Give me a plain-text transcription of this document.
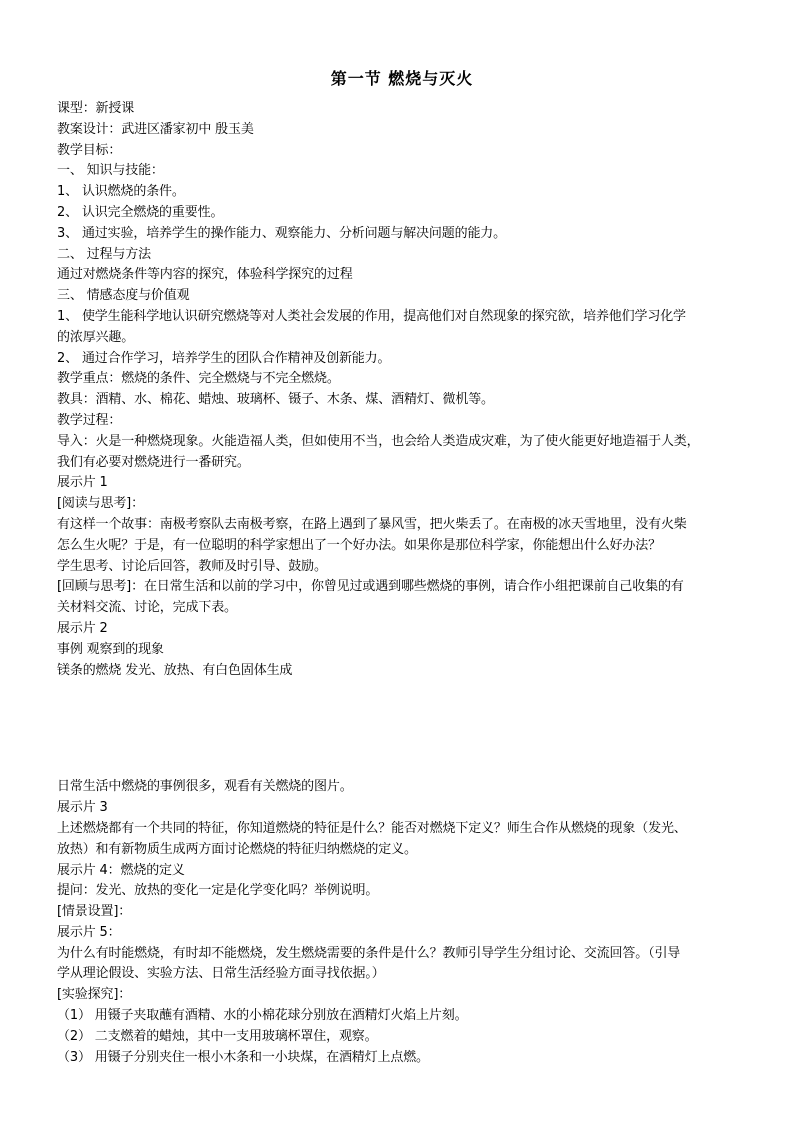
第一节 燃烧与灭火
课型：新授课
教案设计：武进区潘家初中 殷玉美
教学目标：
一、 知识与技能：
1、 认识燃烧的条件。
2、 认识完全燃烧的重要性。
3、 通过实验，培养学生的操作能力、观察能力、分析问题与解决问题的能力。
二、 过程与方法
通过对燃烧条件等内容的探究，体验科学探究的过程
三、 情感态度与价值观
1、 使学生能科学地认识研究燃烧等对人类社会发展的作用，提高他们对自然现象的探究欲，培养他们学习化学
的浓厚兴趣。
2、 通过合作学习，培养学生的团队合作精神及创新能力。
教学重点：燃烧的条件、完全燃烧与不完全燃烧。
教具：酒精、水、棉花、蜡烛、玻璃杯、镊子、木条、煤、酒精灯、微机等。
教学过程：
导入：火是一种燃烧现象。火能造福人类，但如使用不当，也会给人类造成灾难，为了使火能更好地造福于人类，
我们有必要对燃烧进行一番研究。
展示片 1
[阅读与思考]：
有这样一个故事：南极考察队去南极考察，在路上遇到了暴风雪，把火柴丢了。在南极的冰天雪地里，没有火柴
怎么生火呢？于是，有一位聪明的科学家想出了一个好办法。如果你是那位科学家，你能想出什么好办法？
学生思考、讨论后回答，教师及时引导、鼓励。
[回顾与思考]：在日常生活和以前的学习中，你曾见过或遇到哪些燃烧的事例，请合作小组把课前自己收集的有
关材料交流、讨论，完成下表。
展示片 2
事例 观察到的现象
镁条的燃烧 发光、放热、有白色固体生成
日常生活中燃烧的事例很多，观看有关燃烧的图片。
展示片 3
上述燃烧都有一个共同的特征，你知道燃烧的特征是什么？能否对燃烧下定义？师生合作从燃烧的现象（发光、
放热）和有新物质生成两方面讨论燃烧的特征归纳燃烧的定义。
展示片 4：燃烧的定义
提问：发光、放热的变化一定是化学变化吗？举例说明。
[情景设置]：
展示片 5：
为什么有时能燃烧，有时却不能燃烧，发生燃烧需要的条件是什么？教师引导学生分组讨论、交流回答。（引导
学从理论假设、实验方法、日常生活经验方面寻找依据。）
[实验探究]：
（1） 用镊子夹取蘸有酒精、水的小棉花球分别放在酒精灯火焰上片刻。
（2） 二支燃着的蜡烛，其中一支用玻璃杯罩住，观察。
（3） 用镊子分别夹住一根小木条和一小块煤，在酒精灯上点燃。
